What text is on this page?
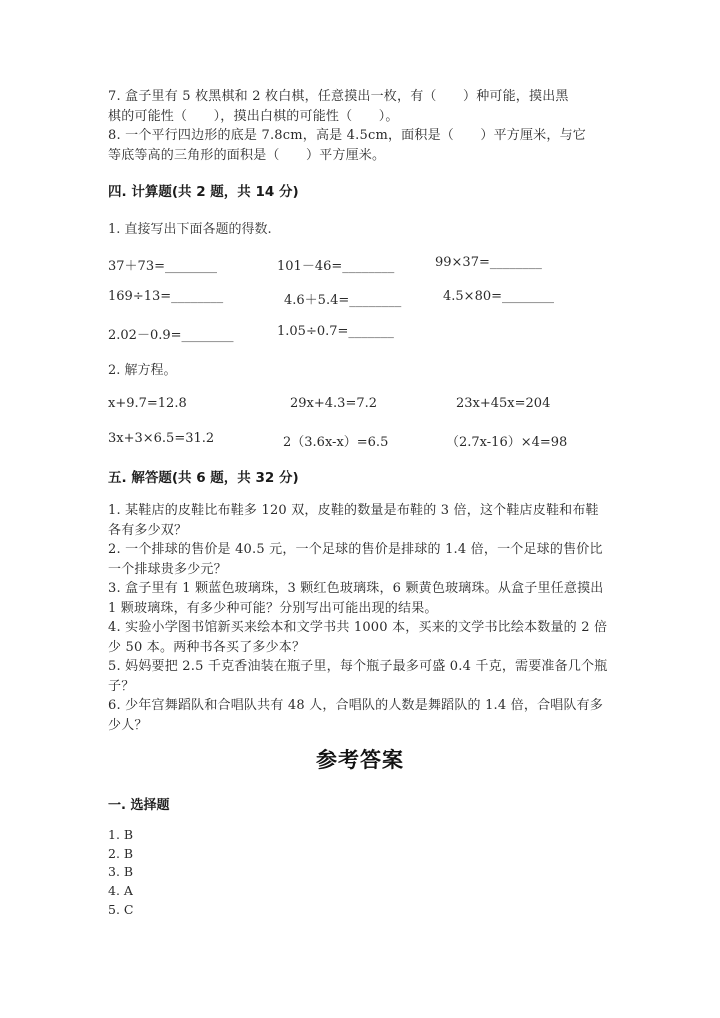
7. 盒子里有 5 枚黑棋和 2 枚白棋，任意摸出一枚，有（　　）种可能，摸出黑

棋的可能性（　　），摸出白棋的可能性（　　）。

8. 一个平行四边形的底是 7.8cm，高是 4.5cm，面积是（　　）平方厘米，与它

等底等高的三角形的面积是（　　）平方厘米。

四. 计算题(共 2 题，共 14 分)
1. 直接写出下面各题的得数.
37＋73=________	101－46=________	99×37=________
169÷13=________	4.6＋5.4=________	4.5×80=________
2.02－0.9=________	1.05÷0.7=_______
2. 解方程。
x+9.7=12.8	29x+4.3=7.2	23x+45x=204
3x+3×6.5=31.2	2（3.6x-x）=6.5	（2.7x-16）×4=98
五. 解答题(共 6 题，共 32 分)

1. 某鞋店的皮鞋比布鞋多 120 双，皮鞋的数量是布鞋的 3 倍，这个鞋店皮鞋和布鞋各有多少双？

2. 一个排球的售价是 40.5 元，一个足球的售价是排球的 1.4 倍，一个足球的售价比一个排球贵多少元？

3. 盒子里有 1 颗蓝色玻璃珠，3 颗红色玻璃珠，6 颗黄色玻璃珠。从盒子里任意摸出 1 颗玻璃珠，有多少种可能？分别写出可能出现的结果。

4. 实验小学图书馆新买来绘本和文学书共 1000 本，买来的文学书比绘本数量的 2 倍少 50 本。两种书各买了多少本？

5. 妈妈要把 2.5 千克香油装在瓶子里，每个瓶子最多可盛 0.4 千克，需要准备几个瓶子？

6. 少年宫舞蹈队和合唱队共有 48 人，合唱队的人数是舞蹈队的 1.4 倍，合唱队有多少人？

参考答案
一. 选择题
1. B
2. B
3. B
4. A
5. C
